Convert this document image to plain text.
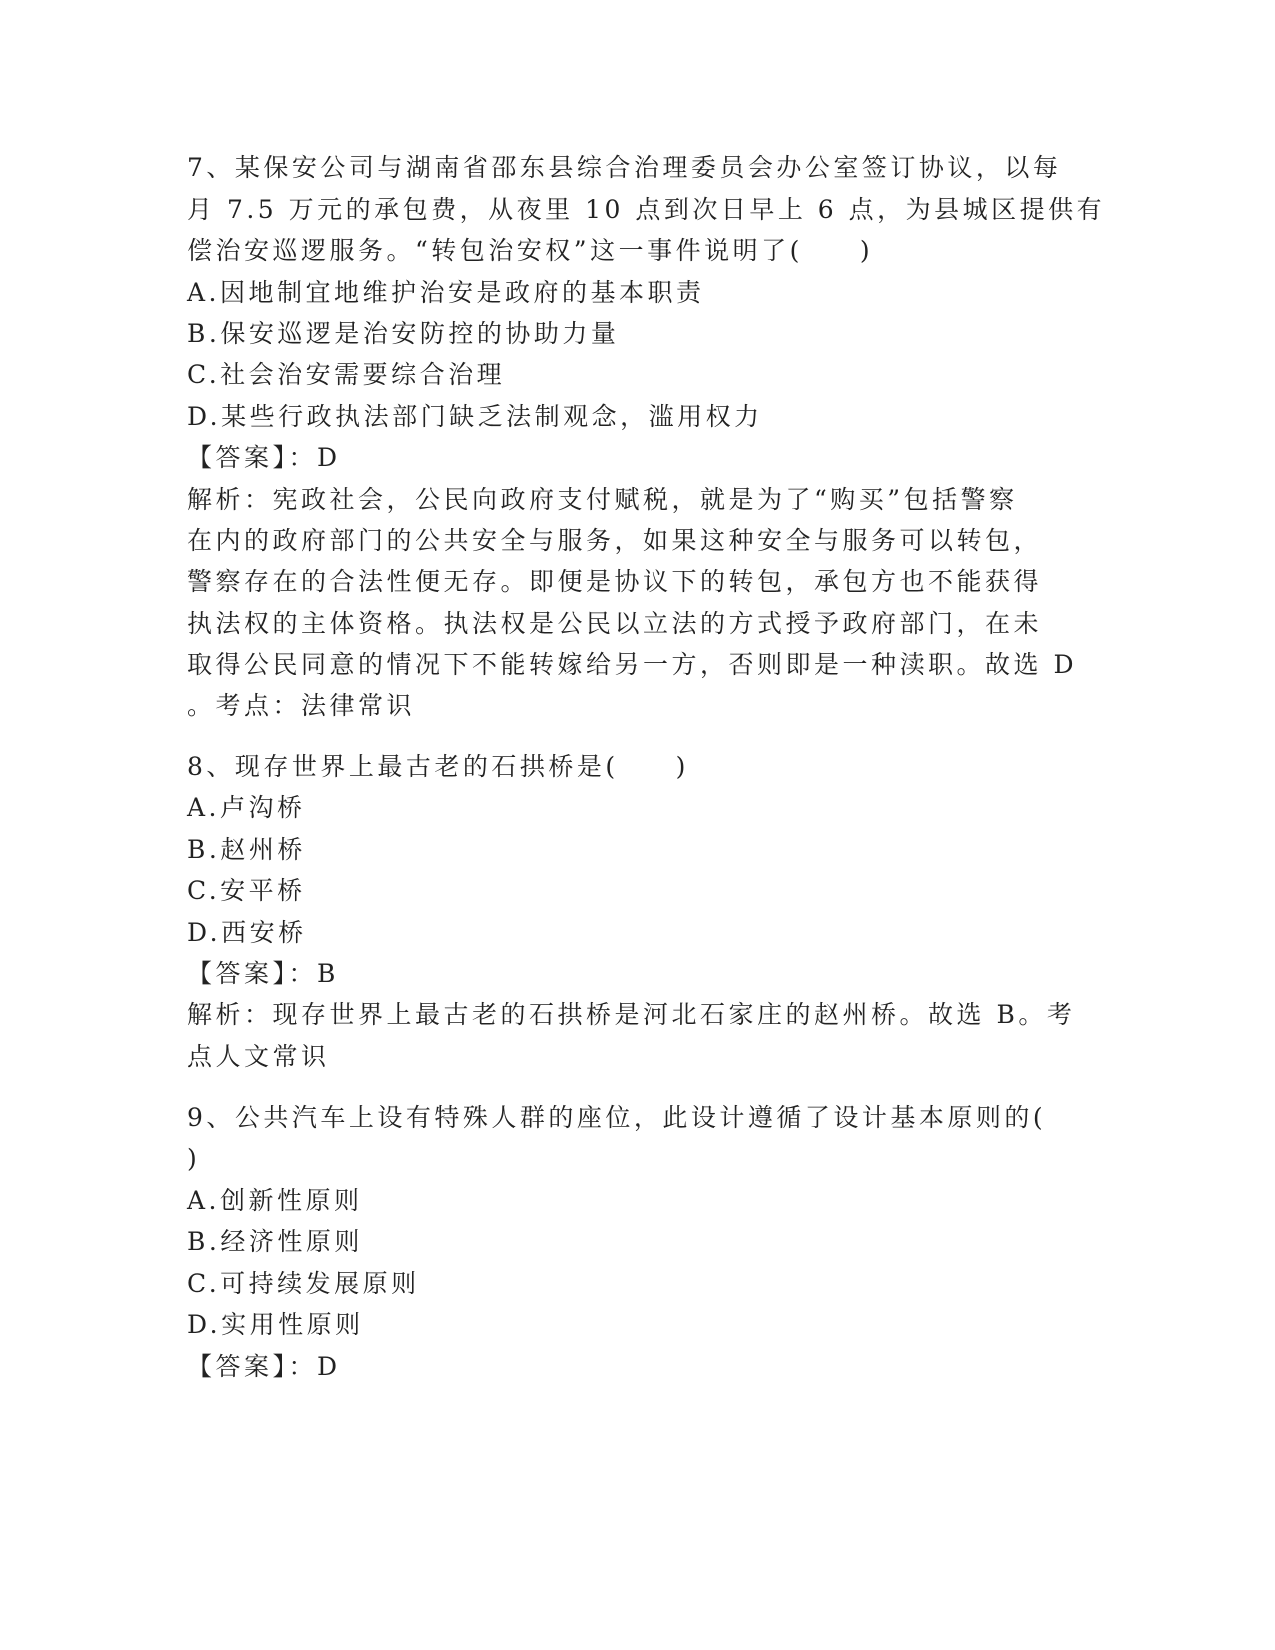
7、某保安公司与湖南省邵东县综合治理委员会办公室签订协议，以每
月 7.5 万元的承包费，从夜里 10 点到次日早上 6 点，为县城区提供有
偿治安巡逻服务。“转包治安权”这一事件说明了(　　)
A.因地制宜地维护治安是政府的基本职责
B.保安巡逻是治安防控的协助力量
C.社会治安需要综合治理
D.某些行政执法部门缺乏法制观念，滥用权力
【答案】：D
解析：宪政社会，公民向政府支付赋税，就是为了“购买”包括警察
在内的政府部门的公共安全与服务，如果这种安全与服务可以转包，
警察存在的合法性便无存。即便是协议下的转包，承包方也不能获得
执法权的主体资格。执法权是公民以立法的方式授予政府部门，在未
取得公民同意的情况下不能转嫁给另一方，否则即是一种渎职。故选 D
。考点：法律常识
8、现存世界上最古老的石拱桥是(　　)
A.卢沟桥
B.赵州桥
C.安平桥
D.西安桥
【答案】：B
解析：现存世界上最古老的石拱桥是河北石家庄的赵州桥。故选 B。考
点人文常识
9、公共汽车上设有特殊人群的座位，此设计遵循了设计基本原则的(
)
A.创新性原则
B.经济性原则
C.可持续发展原则
D.实用性原则
【答案】：D
